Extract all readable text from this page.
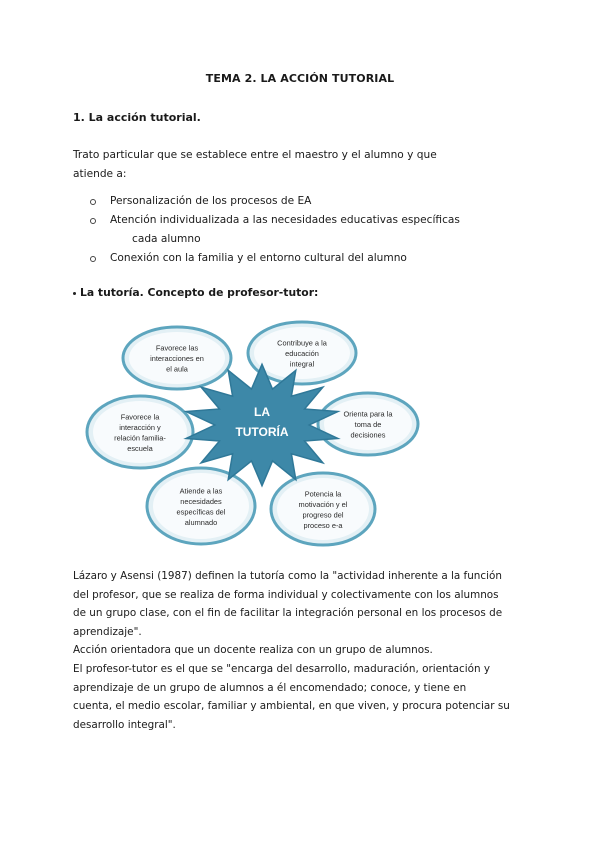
TEMA 2. LA ACCIÓN TUTORIAL
1. La acción tutorial.
Trato particular que se establece entre el maestro y el alumno y que
atiende a:
Personalización de los procesos de EA
Atención individualizada a las necesidades educativas específicas
cada alumno
Conexión con la familia y el entorno cultural del alumno
La tutoría. Concepto de profesor-tutor:
Favorece las
interacciones en
el aula
Contribuye a la
educación
integral
Orienta para la
toma de
decisiones
Potencia la
motivación y el
progreso del
proceso e-a
Atiende a las
necesidades
específicas del
alumnado
Favorece la
interacción y
relación familia-
escuela
LA
TUTORÍA

Lázaro y Asensi (1987) definen la tutoría como la "actividad inherente a la función
del profesor, que se realiza de forma individual y colectivamente con los alumnos
de un grupo clase, con el fin de facilitar la integración personal en los procesos de
aprendizaje".

Acción orientadora que un docente realiza con un grupo de alumnos.

El profesor-tutor es el que se "encarga del desarrollo, maduración, orientación y
aprendizaje de un grupo de alumnos a él encomendado; conoce, y tiene en
cuenta, el medio escolar, familiar y ambiental, en que viven, y procura potenciar su
desarrollo integral".
